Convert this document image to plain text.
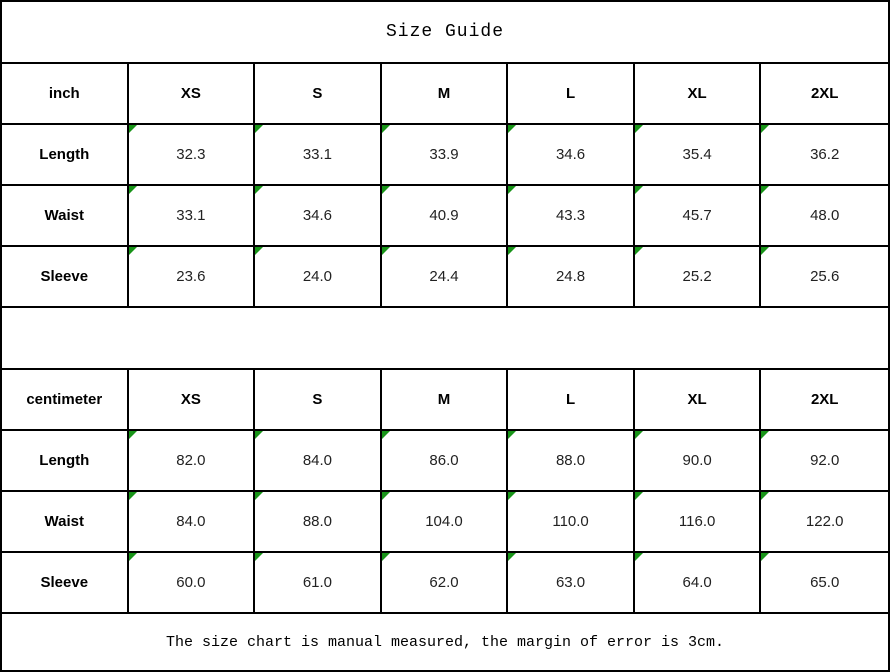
Size Guide
inch	XS	S	M	L	XL	2XL
Length	32.3	33.1	33.9	34.6	35.4	36.2
Waist	33.1	34.6	40.9	43.3	45.7	48.0
Sleeve	23.6	24.0	24.4	24.8	25.2	25.6
centimeter	XS	S	M	L	XL	2XL
Length	82.0	84.0	86.0	88.0	90.0	92.0
Waist	84.0	88.0	104.0	110.0	116.0	122.0
Sleeve	60.0	61.0	62.0	63.0	64.0	65.0
The size chart is manual measured, the margin of error is 3cm.
